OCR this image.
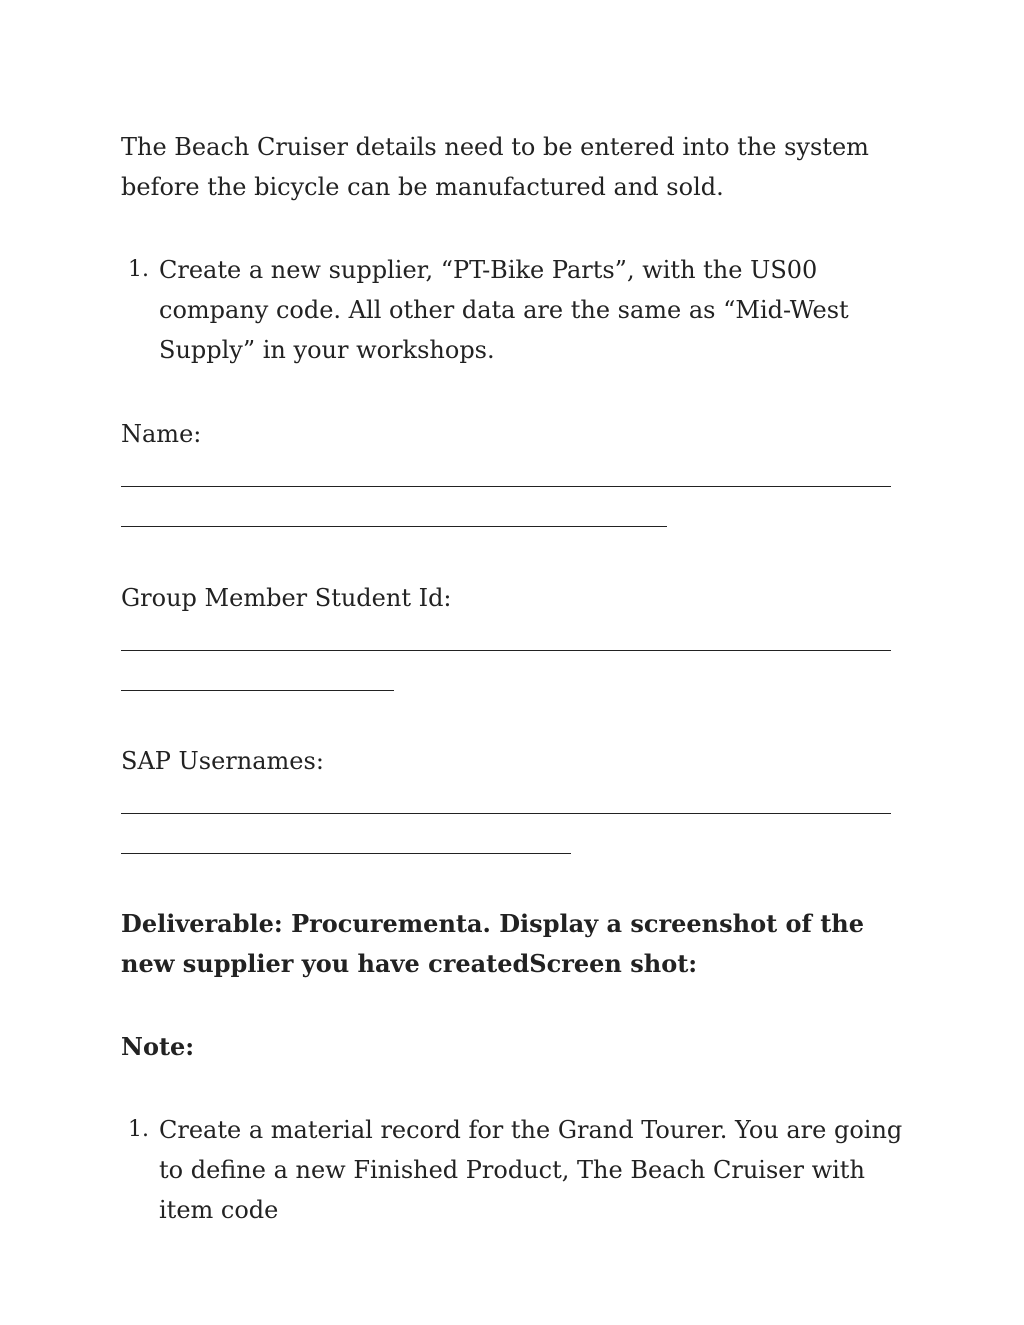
The Beach Cruiser details need to be entered into the system before the bicycle can be manufactured and sold.

1. Create a new supplier, “PT-Bike Parts”, with the US00 company code. All other data are the same as “Mid-West Supply” in your workshops.
Name:
Group Member Student Id:
SAP Usernames:

Deliverable: Procurementa. Display a screenshot of the new supplier you have createdScreen shot:

Note:

1. Create a material record for the Grand Tourer. You are going to define a new Finished Product, The Beach Cruiser with item code
